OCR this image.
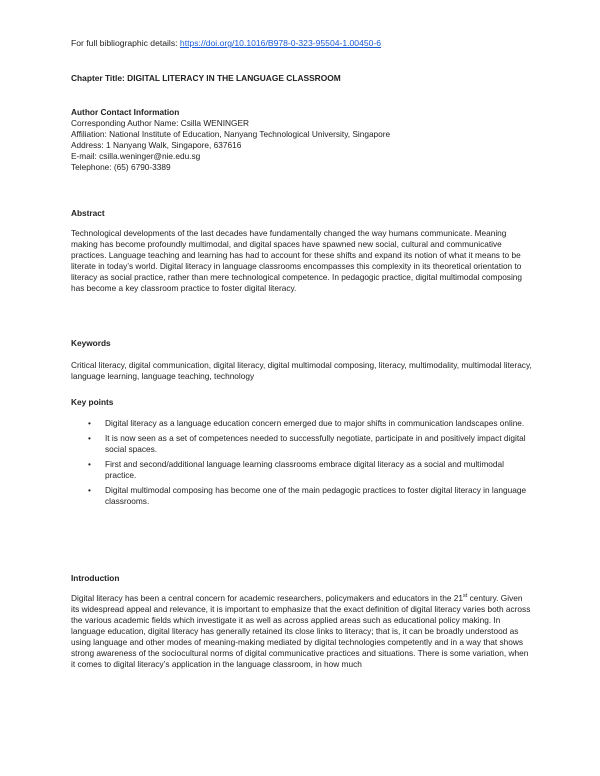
For full bibliographic details: https://doi.org/10.1016/B978-0-323-95504-1.00450-6
Chapter Title: DIGITAL LITERACY IN THE LANGUAGE CLASSROOM
Author Contact Information
Corresponding Author Name: Csilla WENINGER
Affiliation: National Institute of Education, Nanyang Technological University, Singapore
Address: 1 Nanyang Walk, Singapore, 637616
E-mail: csilla.weninger@nie.edu.sg
Telephone: (65) 6790-3389
Abstract
Technological developments of the last decades have fundamentally changed the way humans communicate. Meaning making has become profoundly multimodal, and digital spaces have spawned new social, cultural and communicative practices. Language teaching and learning has had to account for these shifts and expand its notion of what it means to be literate in today’s world. Digital literacy in language classrooms encompasses this complexity in its theoretical orientation to literacy as social practice, rather than mere technological competence. In pedagogic practice, digital multimodal composing has become a key classroom practice to foster digital literacy.
Keywords
Critical literacy, digital communication, digital literacy, digital multimodal composing, literacy, multimodality, multimodal literacy, language learning, language teaching, technology
Key points
• Digital literacy as a language education concern emerged due to major shifts in communication landscapes online.
• It is now seen as a set of competences needed to successfully negotiate, participate in and positively impact digital social spaces.
• First and second/additional language learning classrooms embrace digital literacy as a social and multimodal practice.
• Digital multimodal composing has become one of the main pedagogic practices to foster digital literacy in language classrooms.
Introduction
Digital literacy has been a central concern for academic researchers, policymakers and educators in the 21st century. Given its widespread appeal and relevance, it is important to emphasize that the exact definition of digital literacy varies both across the various academic fields which investigate it as well as across applied areas such as educational policy making. In language education, digital literacy has generally retained its close links to literacy; that is, it can be broadly understood as using language and other modes of meaning-making mediated by digital technologies competently and in a way that shows strong awareness of the sociocultural norms of digital communicative practices and situations. There is some variation, when it comes to digital literacy’s application in the language classroom, in how much
